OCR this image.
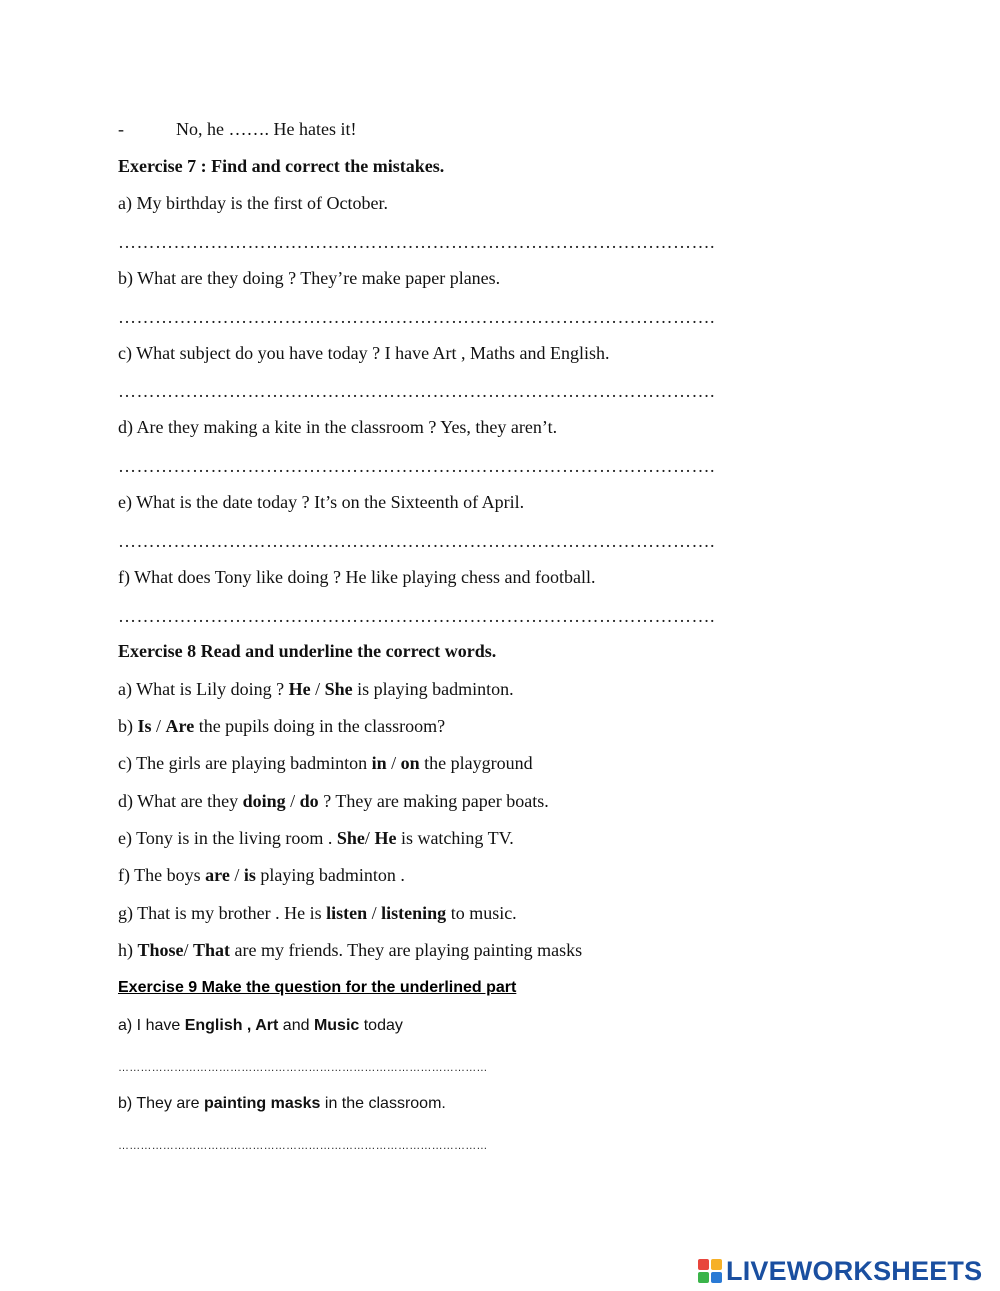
-	No, he ……. He hates it!
Exercise 7 : Find and correct the mistakes.
a) My birthday is the first of October.
…………………………………………………………………………………….
b) What are they doing ? They’re make paper planes.
…………………………………………………………………………………….
c) What subject do you have today ? I have Art , Maths and English.
…………………………………………………………………………………….
d) Are they making a kite in the classroom ? Yes, they aren’t.
…………………………………………………………………………………….
e) What is the date today ? It’s on the Sixteenth of April.
…………………………………………………………………………………….
f) What does Tony like doing ? He like playing chess and football.
…………………………………………………………………………………….
Exercise 8 Read and underline the correct words.
a) What is Lily doing ? He / She is playing badminton.
b) Is / Are the pupils doing in the classroom?
c) The girls are playing badminton in / on the playground
d) What are they doing / do ? They are making paper boats.
e) Tony is in the living room . She/ He is watching TV.
f) The boys are / is playing badminton .
g) That is my brother . He is listen / listening to music.
h) Those/ That are my friends. They are playing painting masks
Exercise 9 Make the question for the underlined part
a) I have English , Art and Music today
………………………………………………………………………………………
b) They are painting masks in the classroom.
………………………………………………………………………………………
LIVEWORKSHEETS
